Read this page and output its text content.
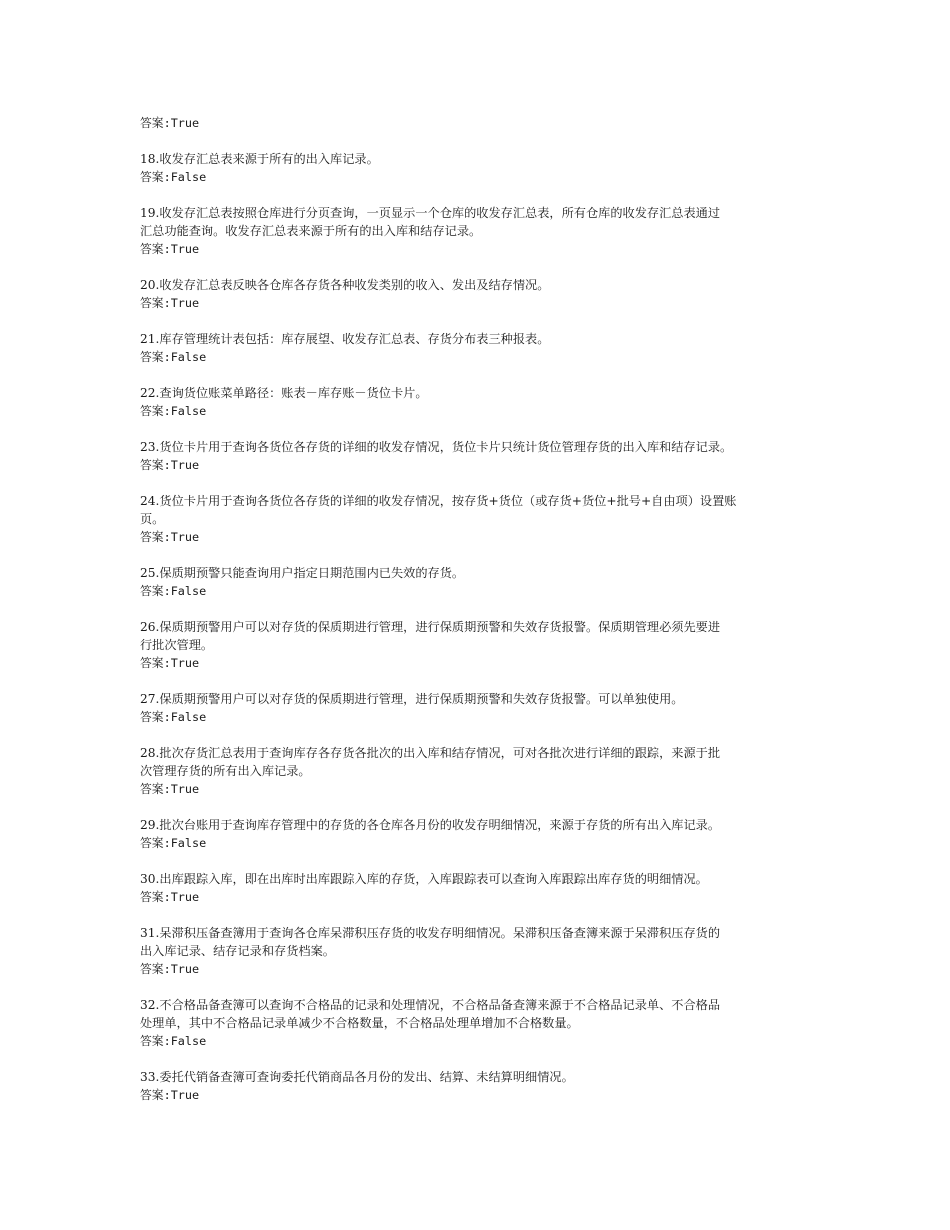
答案:True
18.收发存汇总表来源于所有的出入库记录。
答案:False
19.收发存汇总表按照仓库进行分页查询，一页显示一个仓库的收发存汇总表，所有仓库的收发存汇总表通过
汇总功能查询。收发存汇总表来源于所有的出入库和结存记录。
答案:True
20.收发存汇总表反映各仓库各存货各种收发类别的收入、发出及结存情况。
答案:True
21.库存管理统计表包括：库存展望、收发存汇总表、存货分布表三种报表。
答案:False
22.查询货位账菜单路径：账表－库存账－货位卡片。
答案:False
23.货位卡片用于查询各货位各存货的详细的收发存情况，货位卡片只统计货位管理存货的出入库和结存记录。
答案:True
24.货位卡片用于查询各货位各存货的详细的收发存情况，按存货+货位（或存货+货位+批号+自由项）设置账
页。
答案:True
25.保质期预警只能查询用户指定日期范围内已失效的存货。
答案:False
26.保质期预警用户可以对存货的保质期进行管理，进行保质期预警和失效存货报警。保质期管理必须先要进
行批次管理。
答案:True
27.保质期预警用户可以对存货的保质期进行管理，进行保质期预警和失效存货报警。可以单独使用。
答案:False
28.批次存货汇总表用于查询库存各存货各批次的出入库和结存情况，可对各批次进行详细的跟踪，来源于批
次管理存货的所有出入库记录。
答案:True
29.批次台账用于查询库存管理中的存货的各仓库各月份的收发存明细情况，来源于存货的所有出入库记录。
答案:False
30.出库跟踪入库，即在出库时出库跟踪入库的存货，入库跟踪表可以查询入库跟踪出库存货的明细情况。
答案:True
31.呆滞积压备查簿用于查询各仓库呆滞积压存货的收发存明细情况。呆滞积压备查簿来源于呆滞积压存货的
出入库记录、结存记录和存货档案。
答案:True
32.不合格品备查簿可以查询不合格品的记录和处理情况，不合格品备查簿来源于不合格品记录单、不合格品
处理单，其中不合格品记录单减少不合格数量，不合格品处理单增加不合格数量。
答案:False
33.委托代销备查簿可查询委托代销商品各月份的发出、结算、未结算明细情况。
答案:True
